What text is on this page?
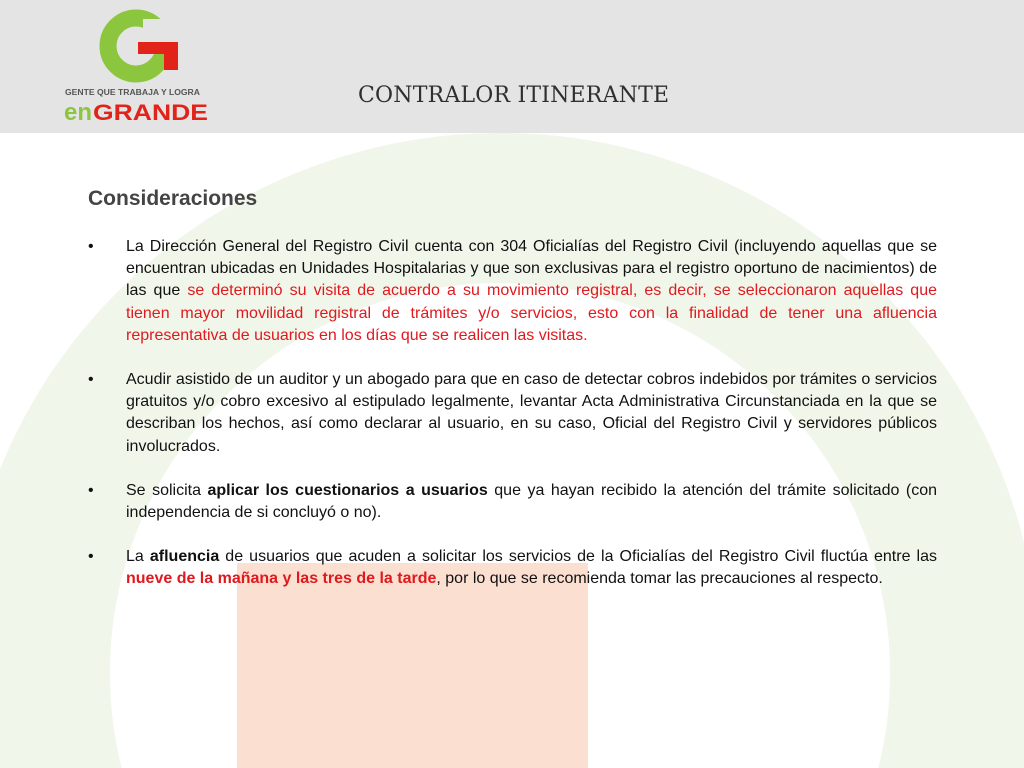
GENTE QUE TRABAJA Y LOGRA
en GRANDE
CONTRALOR ITINERANTE
Consideraciones
• La Dirección General del Registro Civil cuenta con 304 Oficialías del Registro Civil (incluyendo aquellas que se encuentran ubicadas en Unidades Hospitalarias y que son exclusivas para el registro oportuno de nacimientos) de las que se determinó su visita de acuerdo a su movimiento registral, es decir, se seleccionaron aquellas que tienen mayor movilidad registral de trámites y/o servicios, esto con la finalidad de tener una afluencia representativa de usuarios en los días que se realicen las visitas.
• Acudir asistido de un auditor y un abogado para que en caso de detectar cobros indebidos por trámites o servicios gratuitos y/o cobro excesivo al estipulado legalmente, levantar Acta Administrativa Circunstanciada en la que se describan los hechos, así como declarar al usuario, en su caso, Oficial del Registro Civil y servidores públicos involucrados.
• Se solicita aplicar los cuestionarios a usuarios que ya hayan recibido la atención del trámite solicitado (con independencia de si concluyó o no).
• La afluencia de usuarios que acuden a solicitar los servicios de la Oficialías del Registro Civil fluctúa entre las nueve de la mañana y las tres de la tarde, por lo que se recomienda tomar las precauciones al respecto.
